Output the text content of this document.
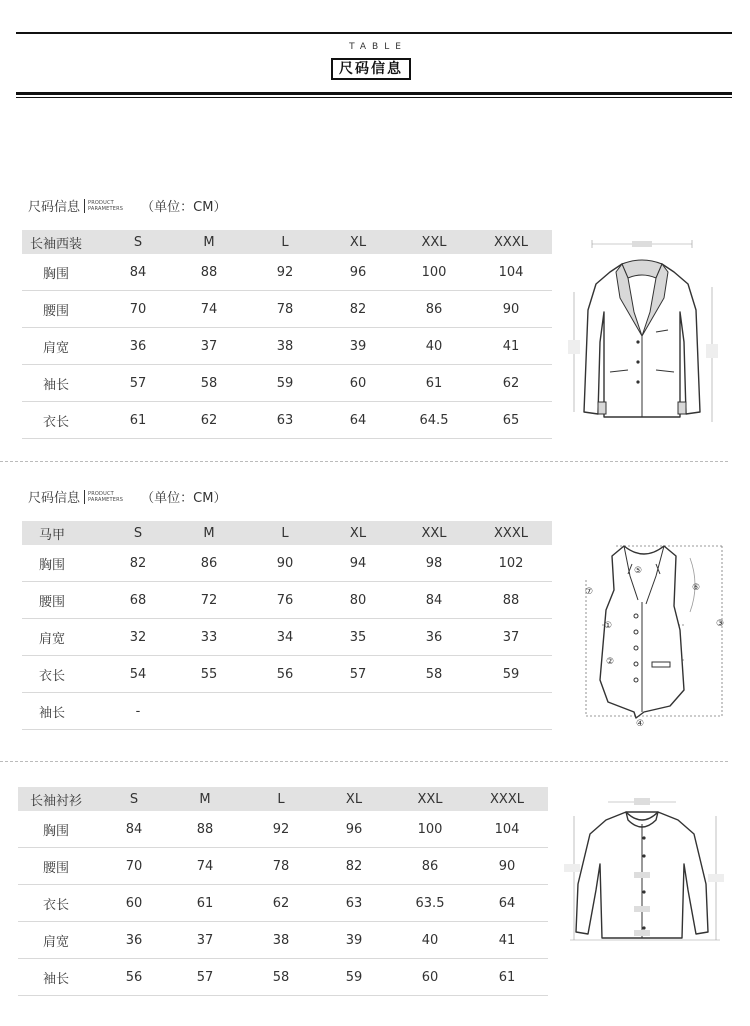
TABLE
尺码信息
尺码信息 PRODUCT
PARAMETERS （单位：CM）
长袖西装	S	M	L	XL	XXL	XXXL
胸围	84	88	92	96	100	104
腰围	70	74	78	82	86	90
肩宽	36	37	38	39	40	41
袖长	57	58	59	60	61	62
衣长	61	62	63	64	64.5	65
尺码信息 PRODUCT
PARAMETERS （单位：CM）
马甲	S	M	L	XL	XXL	XXXL
胸围	82	86	90	94	98	102
腰围	68	72	76	80	84	88
肩宽	32	33	34	35	36	37
衣长	54	55	56	57	58	59
袖长	-
长袖衬衫	S	M	L	XL	XXL	XXXL
胸围	84	88	92	96	100	104
腰围	70	74	78	82	86	90
衣长	60	61	62	63	63.5	64
肩宽	36	37	38	39	40	41
袖长	56	57	58	59	60	61
⑤
⑥
⑦
①
②
③
④
